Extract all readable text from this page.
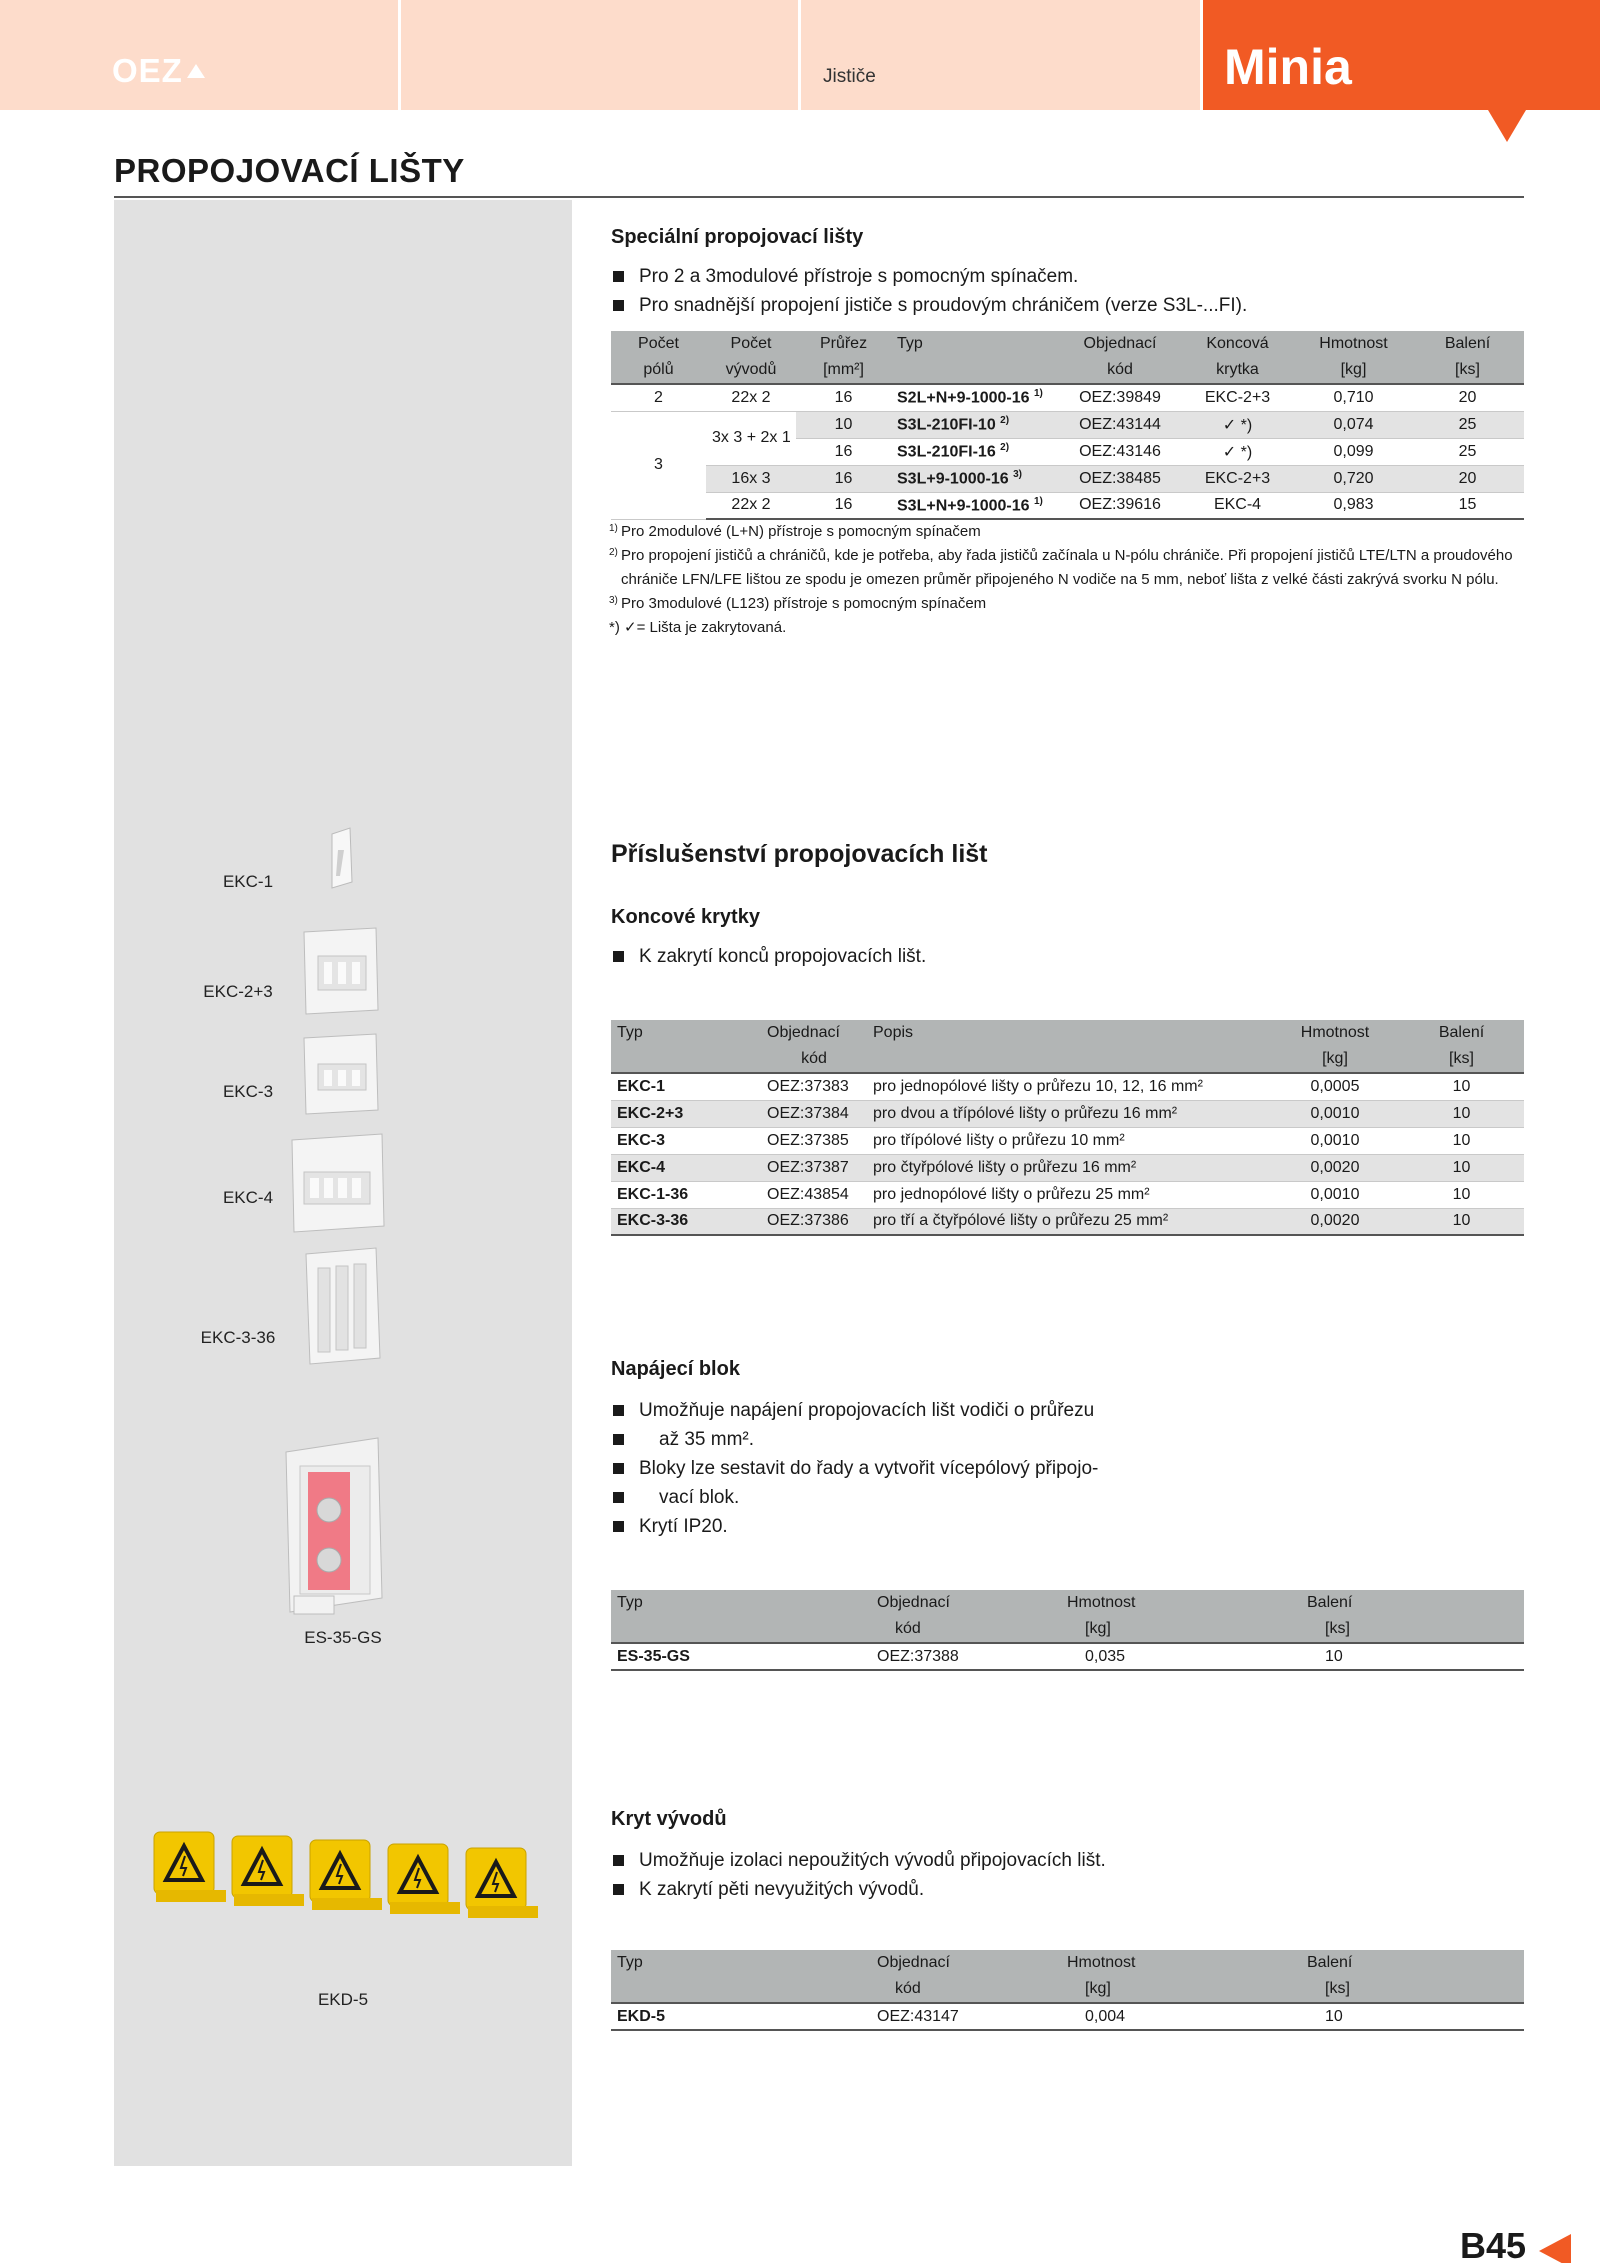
OEZ	Jističe	Minia
PROPOJOVACÍ LIŠTY
EKC-1
EKC-2+3
EKC-3
EKC-4
EKC-3-36
ES-35-GS
EKD-5
Speciální propojovací lišty
Pro 2 a 3modulové přístroje s pomocným spínačem.
Pro snadnější propojení jističe s proudovým chráničem (verze S3L-...FI).
Počet	Počet	Průřez	Typ	Objednací	Koncová	Hmotnost	Balení
pólů	vývodů	[mm²]		kód	krytka	[kg]	[ks]
2	22x 2	16	S2L+N+9-1000-16 $^{1)}$	OEZ:39849	EKC-2+3	0,710	20
3	3x 3 + 2x 1	10	S3L-210FI-10 $^{2)}$	OEZ:43144	✓ *)	0,074	25
		16	S3L-210FI-16 $^{2)}$	OEZ:43146	✓ *)	0,099	25
	16x 3	16	S3L+9-1000-16 $^{3)}$	OEZ:38485	EKC-2+3	0,720	20
	22x 2	16	S3L+N+9-1000-16 $^{1)}$	OEZ:39616	EKC-4	0,983	15
1) Pro 2modulové (L+N) přístroje s pomocným spínačem
2) Pro propojení jističů a chráničů, kde je potřeba, aby řada jističů začínala u N-pólu chrániče. Při propojení jističů LTE/LTN a proudového chrániče LFN/LFE lištou ze spodu je omezen průměr připojeného N vodiče na 5 mm, neboť lišta z velké části zakrývá svorku N pólu.
3) Pro 3modulové (L123) přístroje s pomocným spínačem
*) ✓= Lišta je zakrytovaná.
Příslušenství propojovacích lišt
Koncové krytky
K zakrytí konců propojovacích lišt.
Typ	Objednací	Popis	Hmotnost	Balení
	kód		[kg]	[ks]
EKC-1	OEZ:37383	pro jednopólové lišty o průřezu 10, 12, 16 mm²	0,0005	10
EKC-2+3	OEZ:37384	pro dvou a třípólové lišty o průřezu 16 mm²	0,0010	10
EKC-3	OEZ:37385	pro třípólové lišty o průřezu 10 mm²	0,0010	10
EKC-4	OEZ:37387	pro čtyřpólové lišty o průřezu 16 mm²	0,0020	10
EKC-1-36	OEZ:43854	pro jednopólové lišty o průřezu 25 mm²	0,0010	10
EKC-3-36	OEZ:37386	pro tří a čtyřpólové lišty o průřezu 25 mm²	0,0020	10
Napájecí blok
Umožňuje napájení propojovacích lišt vodiči o průřezu
až 35 mm².
Bloky lze sestavit do řady a vytvořit vícepólový připojo-
vací blok.
Krytí IP20.
Typ	Objednací	Hmotnost	Balení
	kód	[kg]	[ks]
ES-35-GS	OEZ:37388	0,035	10
Kryt vývodů
Umožňuje izolaci nepoužitých vývodů připojovacích lišt.
K zakrytí pěti nevyužitých vývodů.
Typ	Objednací	Hmotnost	Balení
	kód	[kg]	[ks]
EKD-5	OEZ:43147	0,004	10
B45
